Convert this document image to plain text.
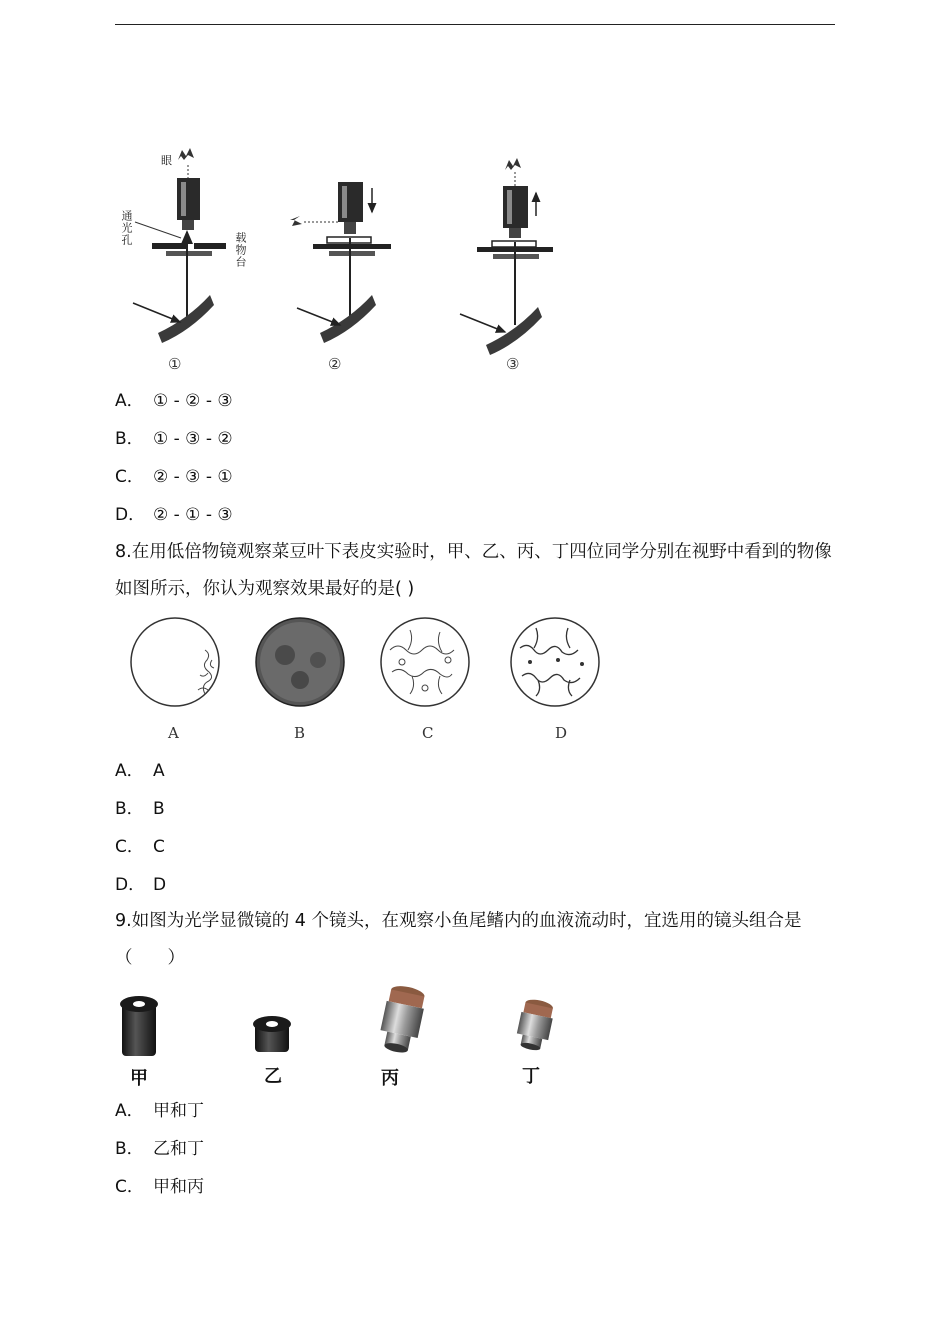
眼
通光孔
载物台
①	②	③
A． ① - ② - ③
B． ① - ③ - ②
C． ② - ③ - ①
D． ② - ① - ③
8.在用低倍物镜观察菜豆叶下表皮实验时，甲、乙、丙、丁四位同学分别在视野中看到的物像如图所示，你认为观察效果最好的是( )
A	B	C	D
A． A
B． B
C． C
D． D
9.如图为光学显微镜的 4 个镜头，在观察小鱼尾鳍内的血液流动时，宜选用的镜头组合是（　　）
甲	乙	丙	丁
A． 甲和丁
B． 乙和丁
C． 甲和丙
